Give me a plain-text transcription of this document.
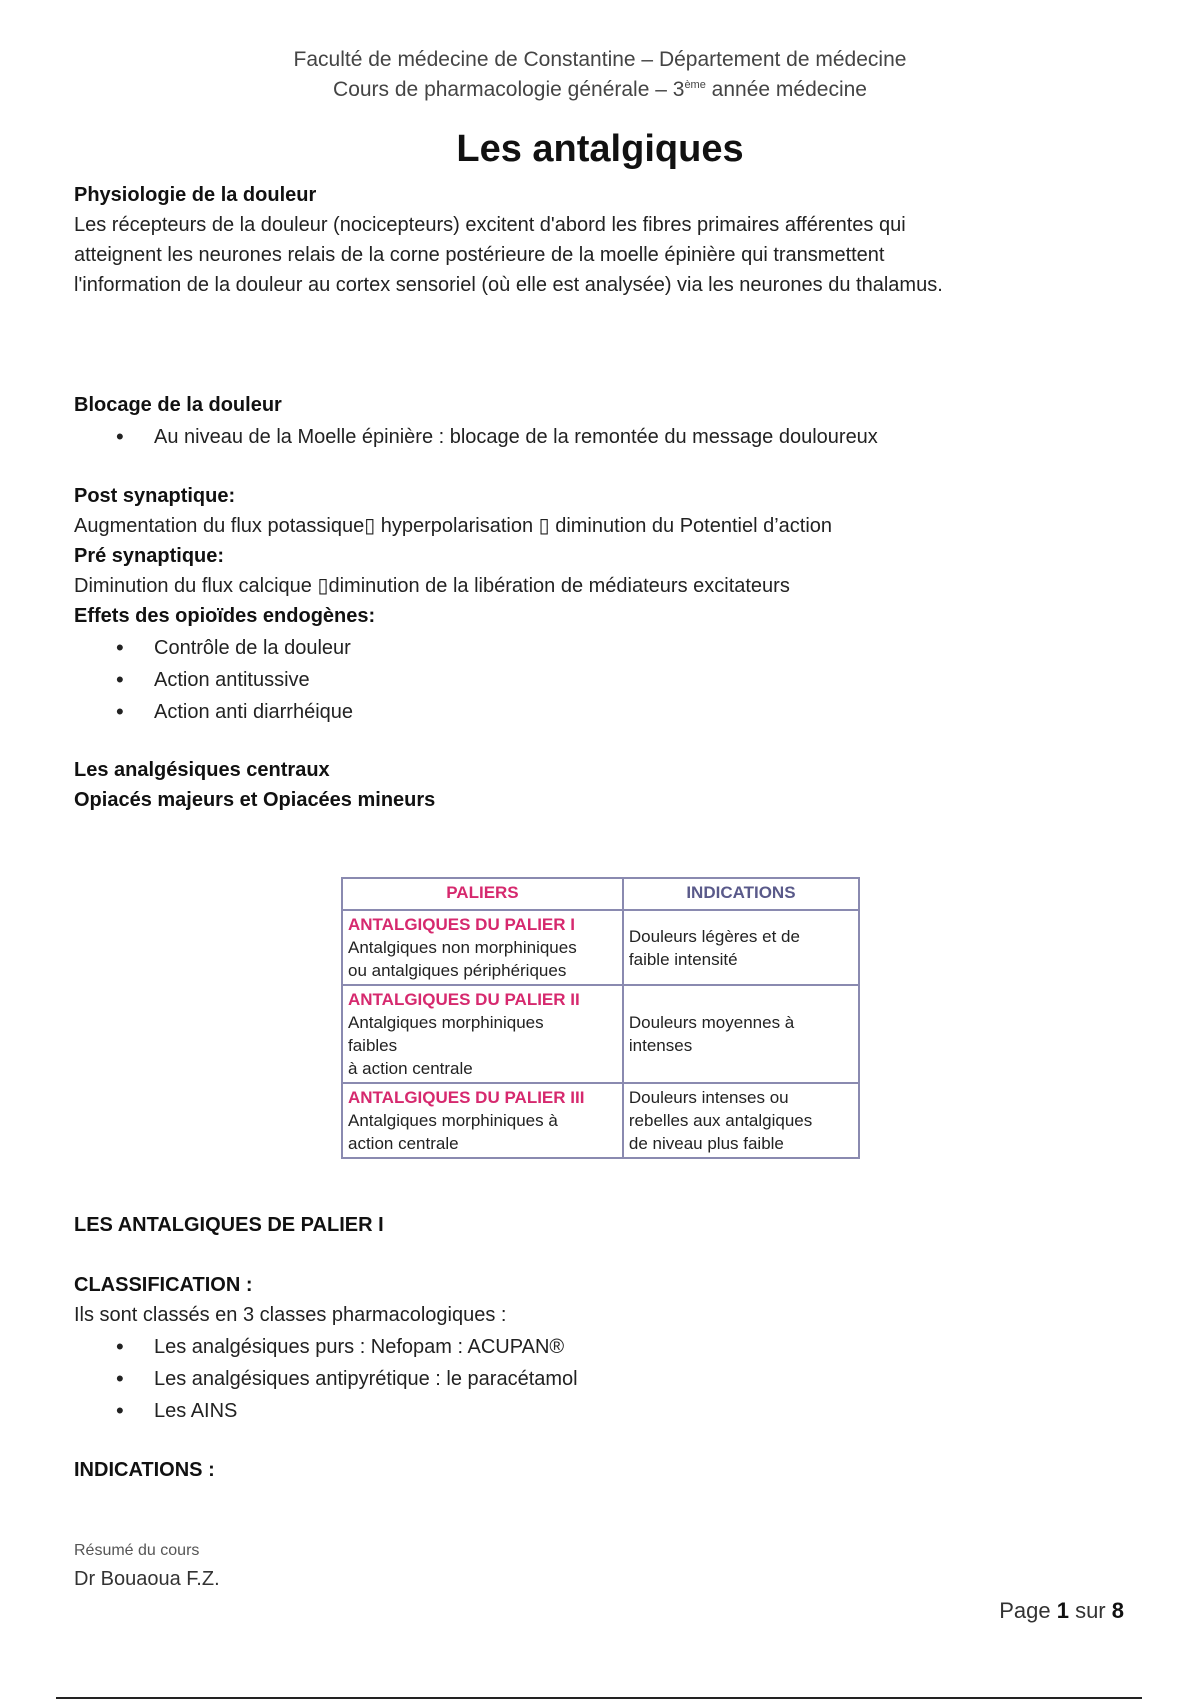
Faculté de médecine de Constantine – Département de médecine
Cours de pharmacologie générale – 3ème année médecine
Les antalgiques
Physiologie de la douleur
Les récepteurs de la douleur (nocicepteurs) excitent d'abord les fibres primaires afférentes qui
atteignent les neurones relais de la corne postérieure de la moelle épinière qui transmettent
l'information de la douleur au cortex sensoriel (où elle est analysée) via les neurones du thalamus.
Blocage de la douleur
• Au niveau de la Moelle épinière : blocage de la remontée du message douloureux
Post synaptique:
Augmentation du flux potassique▯ hyperpolarisation ▯ diminution du Potentiel d’action
Pré synaptique:
Diminution du flux calcique ▯diminution de la libération de médiateurs excitateurs
Effets des opioïdes endogènes:
• Contrôle de la douleur
• Action antitussive
• Action anti diarrhéique
Les analgésiques centraux
Opiacés majeurs et Opiacées mineurs
PALIERS	INDICATIONS

ANTALGIQUES DU PALIER I
Antalgiques non morphiniques
ou antalgiques périphériques	Douleurs légères et de
faible intensité

ANTALGIQUES DU PALIER II
Antalgiques morphiniques
faibles
à action centrale	Douleurs moyennes à
intenses

ANTALGIQUES DU PALIER III
Antalgiques morphiniques à
action centrale	Douleurs intenses ou
rebelles aux antalgiques
de niveau plus faible
LES ANTALGIQUES DE PALIER I
CLASSIFICATION :
Ils sont classés en 3 classes pharmacologiques :
• Les analgésiques purs : Nefopam : ACUPAN®
• Les analgésiques antipyrétique : le paracétamol
• Les AINS
INDICATIONS :
Résumé du cours
Dr Bouaoua F.Z.
Page 1 sur 8
